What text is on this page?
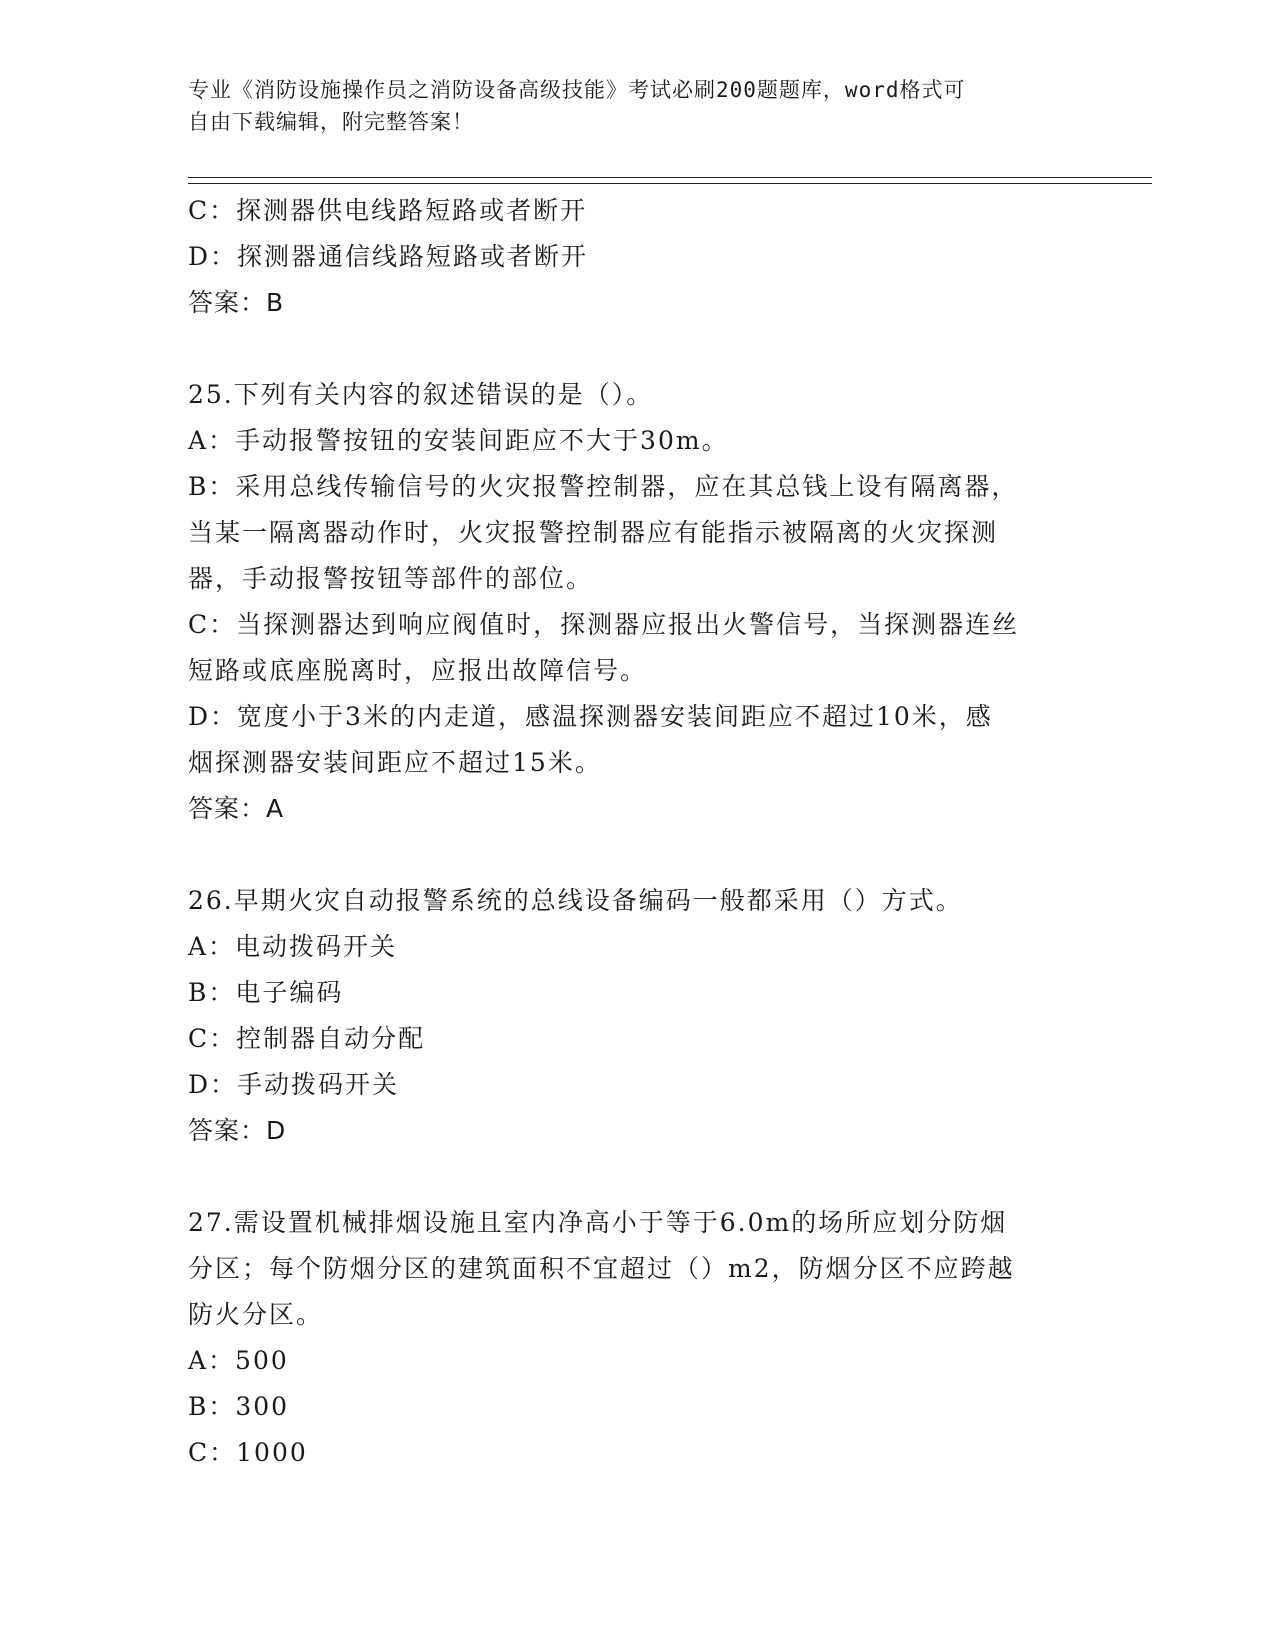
专业《消防设施操作员之消防设备高级技能》考试必刷200题题库，word格式可
自由下载编辑，附完整答案！
C：探测器供电线路短路或者断开
D：探测器通信线路短路或者断开
答案：B
25.下列有关内容的叙述错误的是（）。
A：手动报警按钮的安装间距应不大于30m。
B：采用总线传输信号的火灾报警控制器，应在其总钱上设有隔离器，
当某一隔离器动作时，火灾报警控制器应有能指示被隔离的火灾探测
器，手动报警按钮等部件的部位。
C：当探测器达到响应阀值时，探测器应报出火警信号，当探测器连丝
短路或底座脱离时，应报出故障信号。
D：宽度小于3米的内走道，感温探测器安装间距应不超过10米，感
烟探测器安装间距应不超过15米。
答案：A
26.早期火灾自动报警系统的总线设备编码一般都采用（）方式。
A：电动拨码开关
B：电子编码
C：控制器自动分配
D：手动拨码开关
答案：D
27.需设置机械排烟设施且室内净高小于等于6.0m的场所应划分防烟
分区；每个防烟分区的建筑面积不宜超过（）m2，防烟分区不应跨越
防火分区。
A：500
B：300
C：1000
